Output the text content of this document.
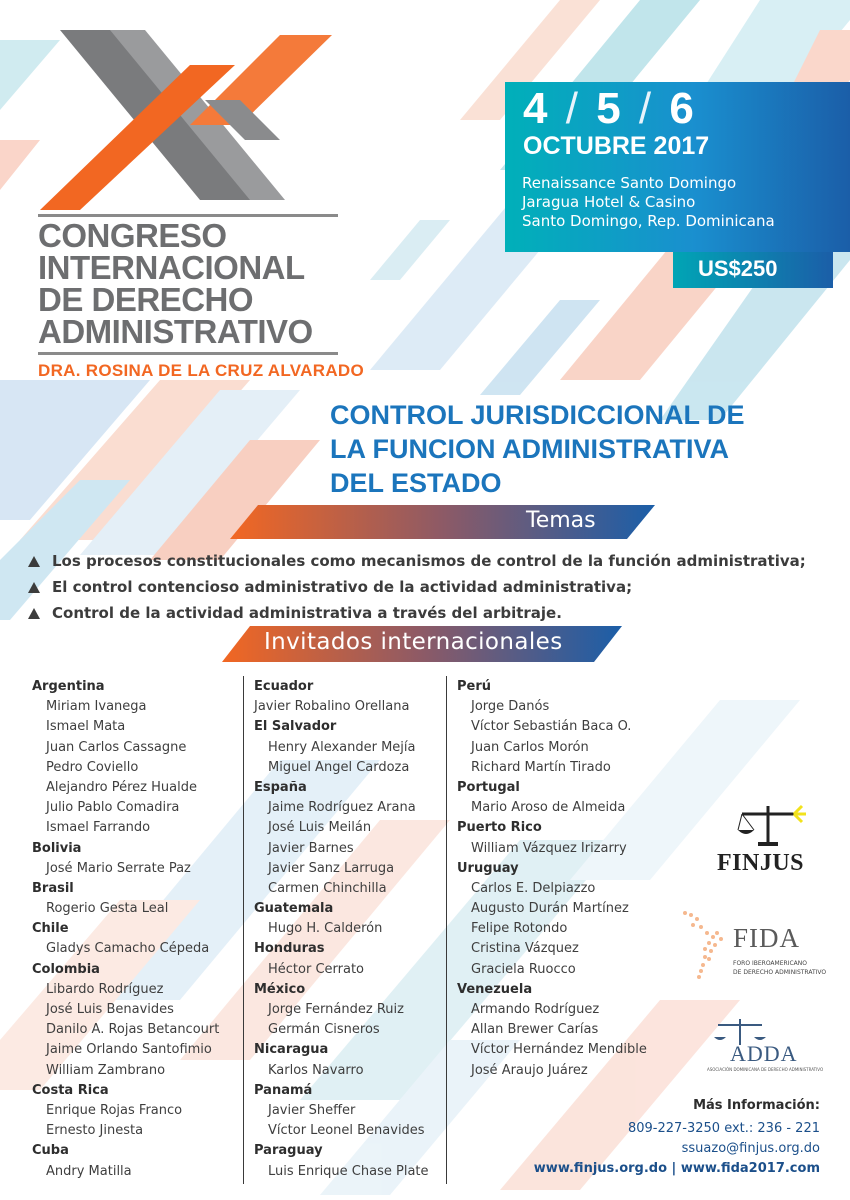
CONGRESO
INTERNACIONAL
DE DERECHO
ADMINISTRATIVO
DRA. ROSINA DE LA CRUZ ALVARADO
4 / 5 / 6
OCTUBRE 2017
Renaissance Santo Domingo
Jaragua Hotel & Casino
Santo Domingo, Rep. Dominicana
US$250
CONTROL JURISDICCIONAL DE
LA FUNCION ADMINISTRATIVA
DEL ESTADO
Temas
Los procesos constitucionales como mecanismos de control de la función administrativa;
El control contencioso administrativo de la actividad administrativa;
Control de la actividad administrativa a través del arbitraje.
Invitados internacionales
Argentina
Miriam Ivanega
Ismael Mata
Juan Carlos Cassagne
Pedro Coviello
Alejandro Pérez Hualde
Julio Pablo Comadira
Ismael Farrando
Bolivia
José Mario Serrate Paz
Brasil
Rogerio Gesta Leal
Chile
Gladys Camacho Cépeda
Colombia
Libardo Rodríguez
José Luis Benavides
Danilo A. Rojas Betancourt
Jaime Orlando Santofimio
William Zambrano
Costa Rica
Enrique Rojas Franco
Ernesto Jinesta
Cuba
Andry Matilla
Ecuador
Javier Robalino Orellana
El Salvador
Henry Alexander Mejía
Miguel Angel Cardoza
España
Jaime Rodríguez Arana
José Luis Meilán
Javier Barnes
Javier Sanz Larruga
Carmen Chinchilla
Guatemala
Hugo H. Calderón
Honduras
Héctor Cerrato
México
Jorge Fernández Ruiz
Germán Cisneros
Nicaragua
Karlos Navarro
Panamá
Javier Sheffer
Víctor Leonel Benavides
Paraguay
Luis Enrique Chase Plate
Perú
Jorge Danós
Víctor Sebastián Baca O.
Juan Carlos Morón
Richard Martín Tirado
Portugal
Mario Aroso de Almeida
Puerto Rico
William Vázquez Irizarry
Uruguay
Carlos E. Delpiazzo
Augusto Durán Martínez
Felipe Rotondo
Cristina Vázquez
Graciela Ruocco
Venezuela
Armando Rodríguez
Allan Brewer Carías
Víctor Hernández Mendible
José Araujo Juárez
FINJUS
FIDA
FORO IBEROAMERICANO
DE DERECHO ADMINISTRATIVO
ADDA
ASOCIACIÓN DOMINICANA DE DERECHO ADMINISTRATIVO
Más Información:
809-227-3250 ext.: 236 - 221
ssuazo@finjus.org.do
www.finjus.org.do | www.fida2017.com
